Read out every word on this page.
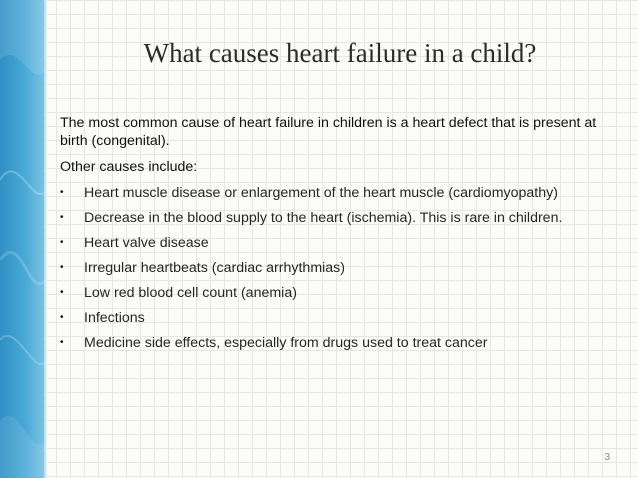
What causes heart failure in a child?

The most common cause of heart failure in children is a heart defect that is present at birth (congenital).

Other causes include:

• Heart muscle disease or enlargement of the heart muscle (cardiomyopathy)
• Decrease in the blood supply to the heart (ischemia). This is rare in children.
• Heart valve disease
• Irregular heartbeats (cardiac arrhythmias)
• Low red blood cell count (anemia)
• Infections
• Medicine side effects, especially from drugs used to treat cancer
3
